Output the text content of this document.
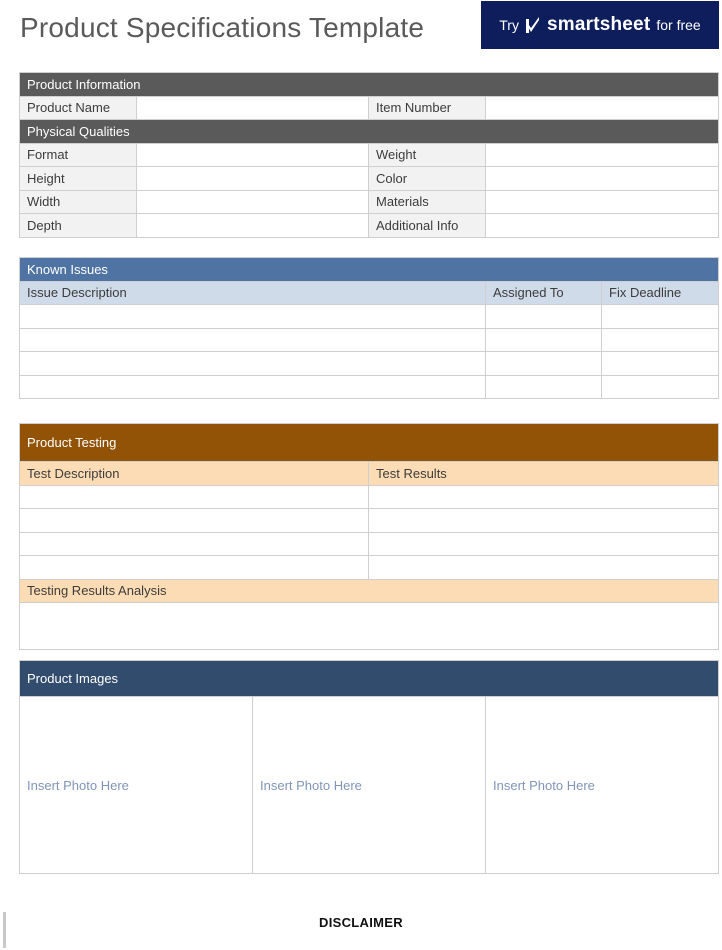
Product Specifications Template	Try smartsheet for free
Product Information			
Product Name		Item Number	
Physical Qualities			
Format		Weight	
Height		Color	
Width		Materials	
Depth		Additional Info	
Known Issues		
Issue Description	Assigned To	Fix Deadline

Product Testing	
Test Description	Test Results

Testing Results Analysis	

Product Images
Insert Photo Here	Insert Photo Here	Insert Photo Here
DISCLAIMER
